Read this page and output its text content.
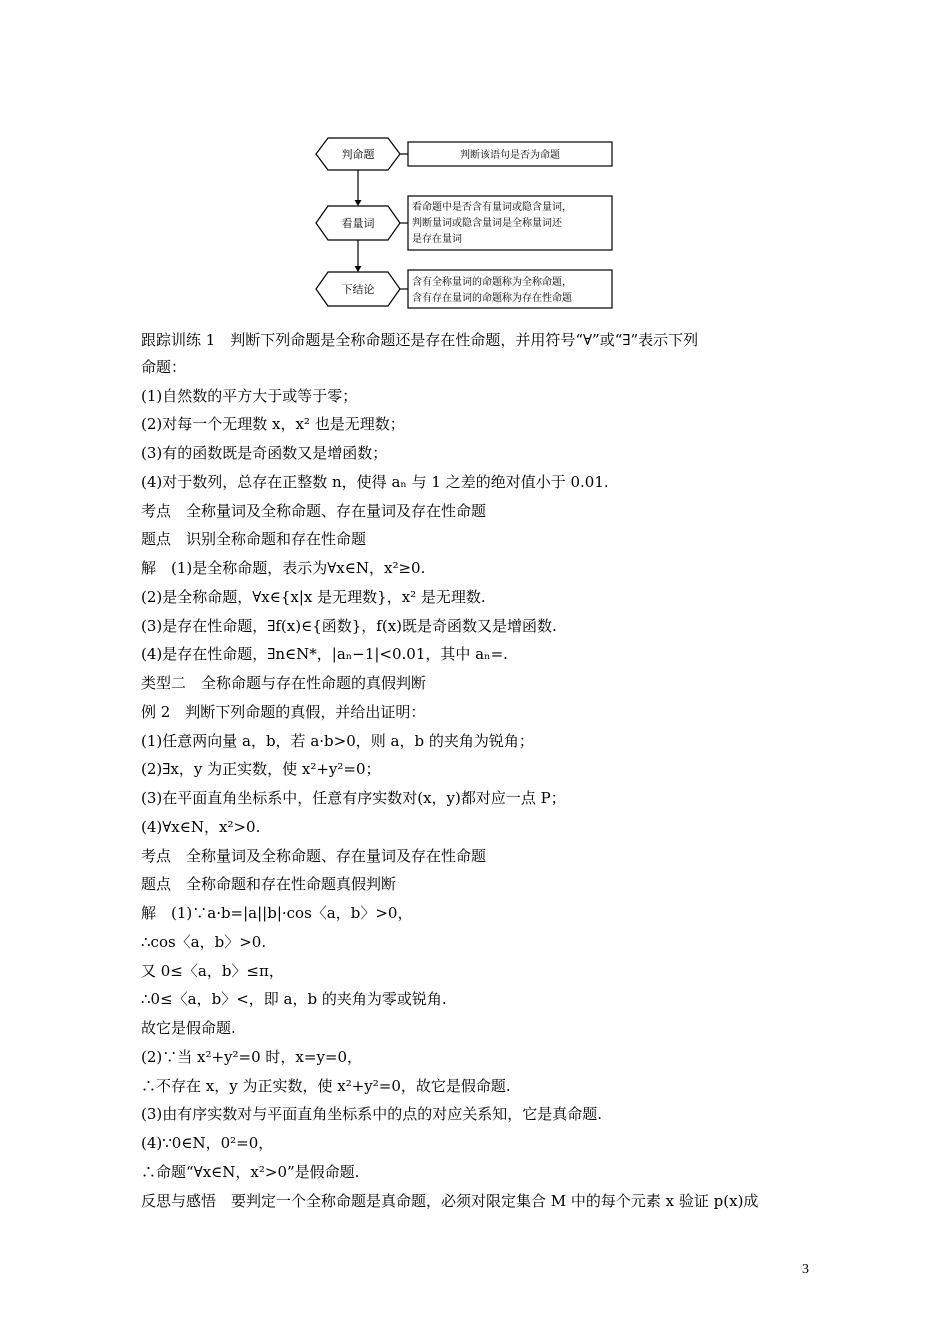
判命题
看量词
下结论
判断该语句是否为命题
看命题中是否含有量词或隐含量词，
判断量词或隐含量词是全称量词还
是存在量词
含有全称量词的命题称为全称命题，
含有存在量词的命题称为存在性命题
跟踪训练 1　判断下列命题是全称命题还是存在性命题，并用符号“∀”或“∃”表示下列
命题：
(1)自然数的平方大于或等于零；
(2)对每一个无理数 x，x² 也是无理数；
(3)有的函数既是奇函数又是增函数；
(4)对于数列，总存在正整数 n，使得 aₙ 与 1 之差的绝对值小于 0.01.
考点　全称量词及全称命题、存在量词及存在性命题
题点　识别全称命题和存在性命题
解　(1)是全称命题，表示为∀x∈N，x²≥0.
(2)是全称命题，∀x∈{x|x 是无理数}，x² 是无理数.
(3)是存在性命题，∃f(x)∈{函数}，f(x)既是奇函数又是增函数.
(4)是存在性命题，∃n∈N*，|aₙ−1|<0.01，其中 aₙ=.
类型二　全称命题与存在性命题的真假判断
例 2　判断下列命题的真假，并给出证明：
(1)任意两向量 a，b，若 a·b>0，则 a，b 的夹角为锐角；
(2)∃x，y 为正实数，使 x²+y²=0；
(3)在平面直角坐标系中，任意有序实数对(x，y)都对应一点 P；
(4)∀x∈N，x²>0.
考点　全称量词及全称命题、存在量词及存在性命题
题点　全称命题和存在性命题真假判断
解　(1)∵a·b=|a||b|·cos〈a，b〉>0，
∴cos〈a，b〉>0.
又 0≤〈a，b〉≤π，
∴0≤〈a，b〉<，即 a，b 的夹角为零或锐角.
故它是假命题.
(2)∵当 x²+y²=0 时，x=y=0，
∴不存在 x，y 为正实数，使 x²+y²=0，故它是假命题.
(3)由有序实数对与平面直角坐标系中的点的对应关系知，它是真命题.
(4)∵0∈N，0²=0，
∴命题“∀x∈N，x²>0”是假命题.
反思与感悟　要判定一个全称命题是真命题，必须对限定集合 M 中的每个元素 x 验证 p(x)成
3
